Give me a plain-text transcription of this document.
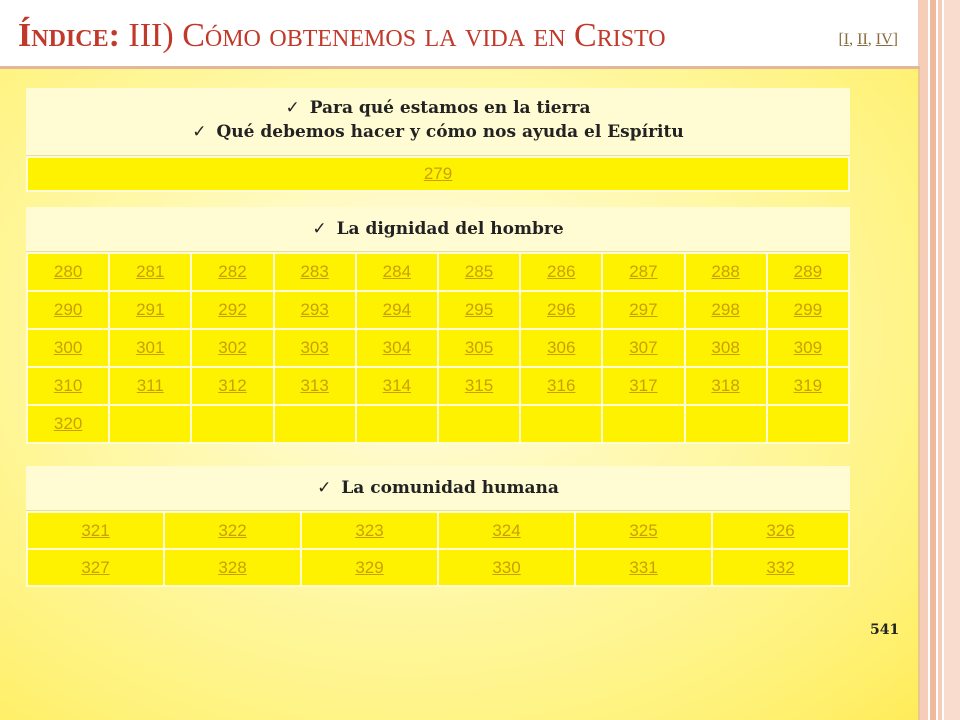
Índice: III) Cómo obtenemos la vida en Cristo	[I, II, IV]
✓ Para qué estamos en la tierra
✓ Qué debemos hacer y cómo nos ayuda el Espíritu
279
✓ La dignidad del hombre
280	281	282	283	284	285	286	287	288	289
290	291	292	293	294	295	296	297	298	299
300	301	302	303	304	305	306	307	308	309
310	311	312	313	314	315	316	317	318	319
320									
✓ La comunidad humana
321	322	323	324	325	326
327	328	329	330	331	332
541
